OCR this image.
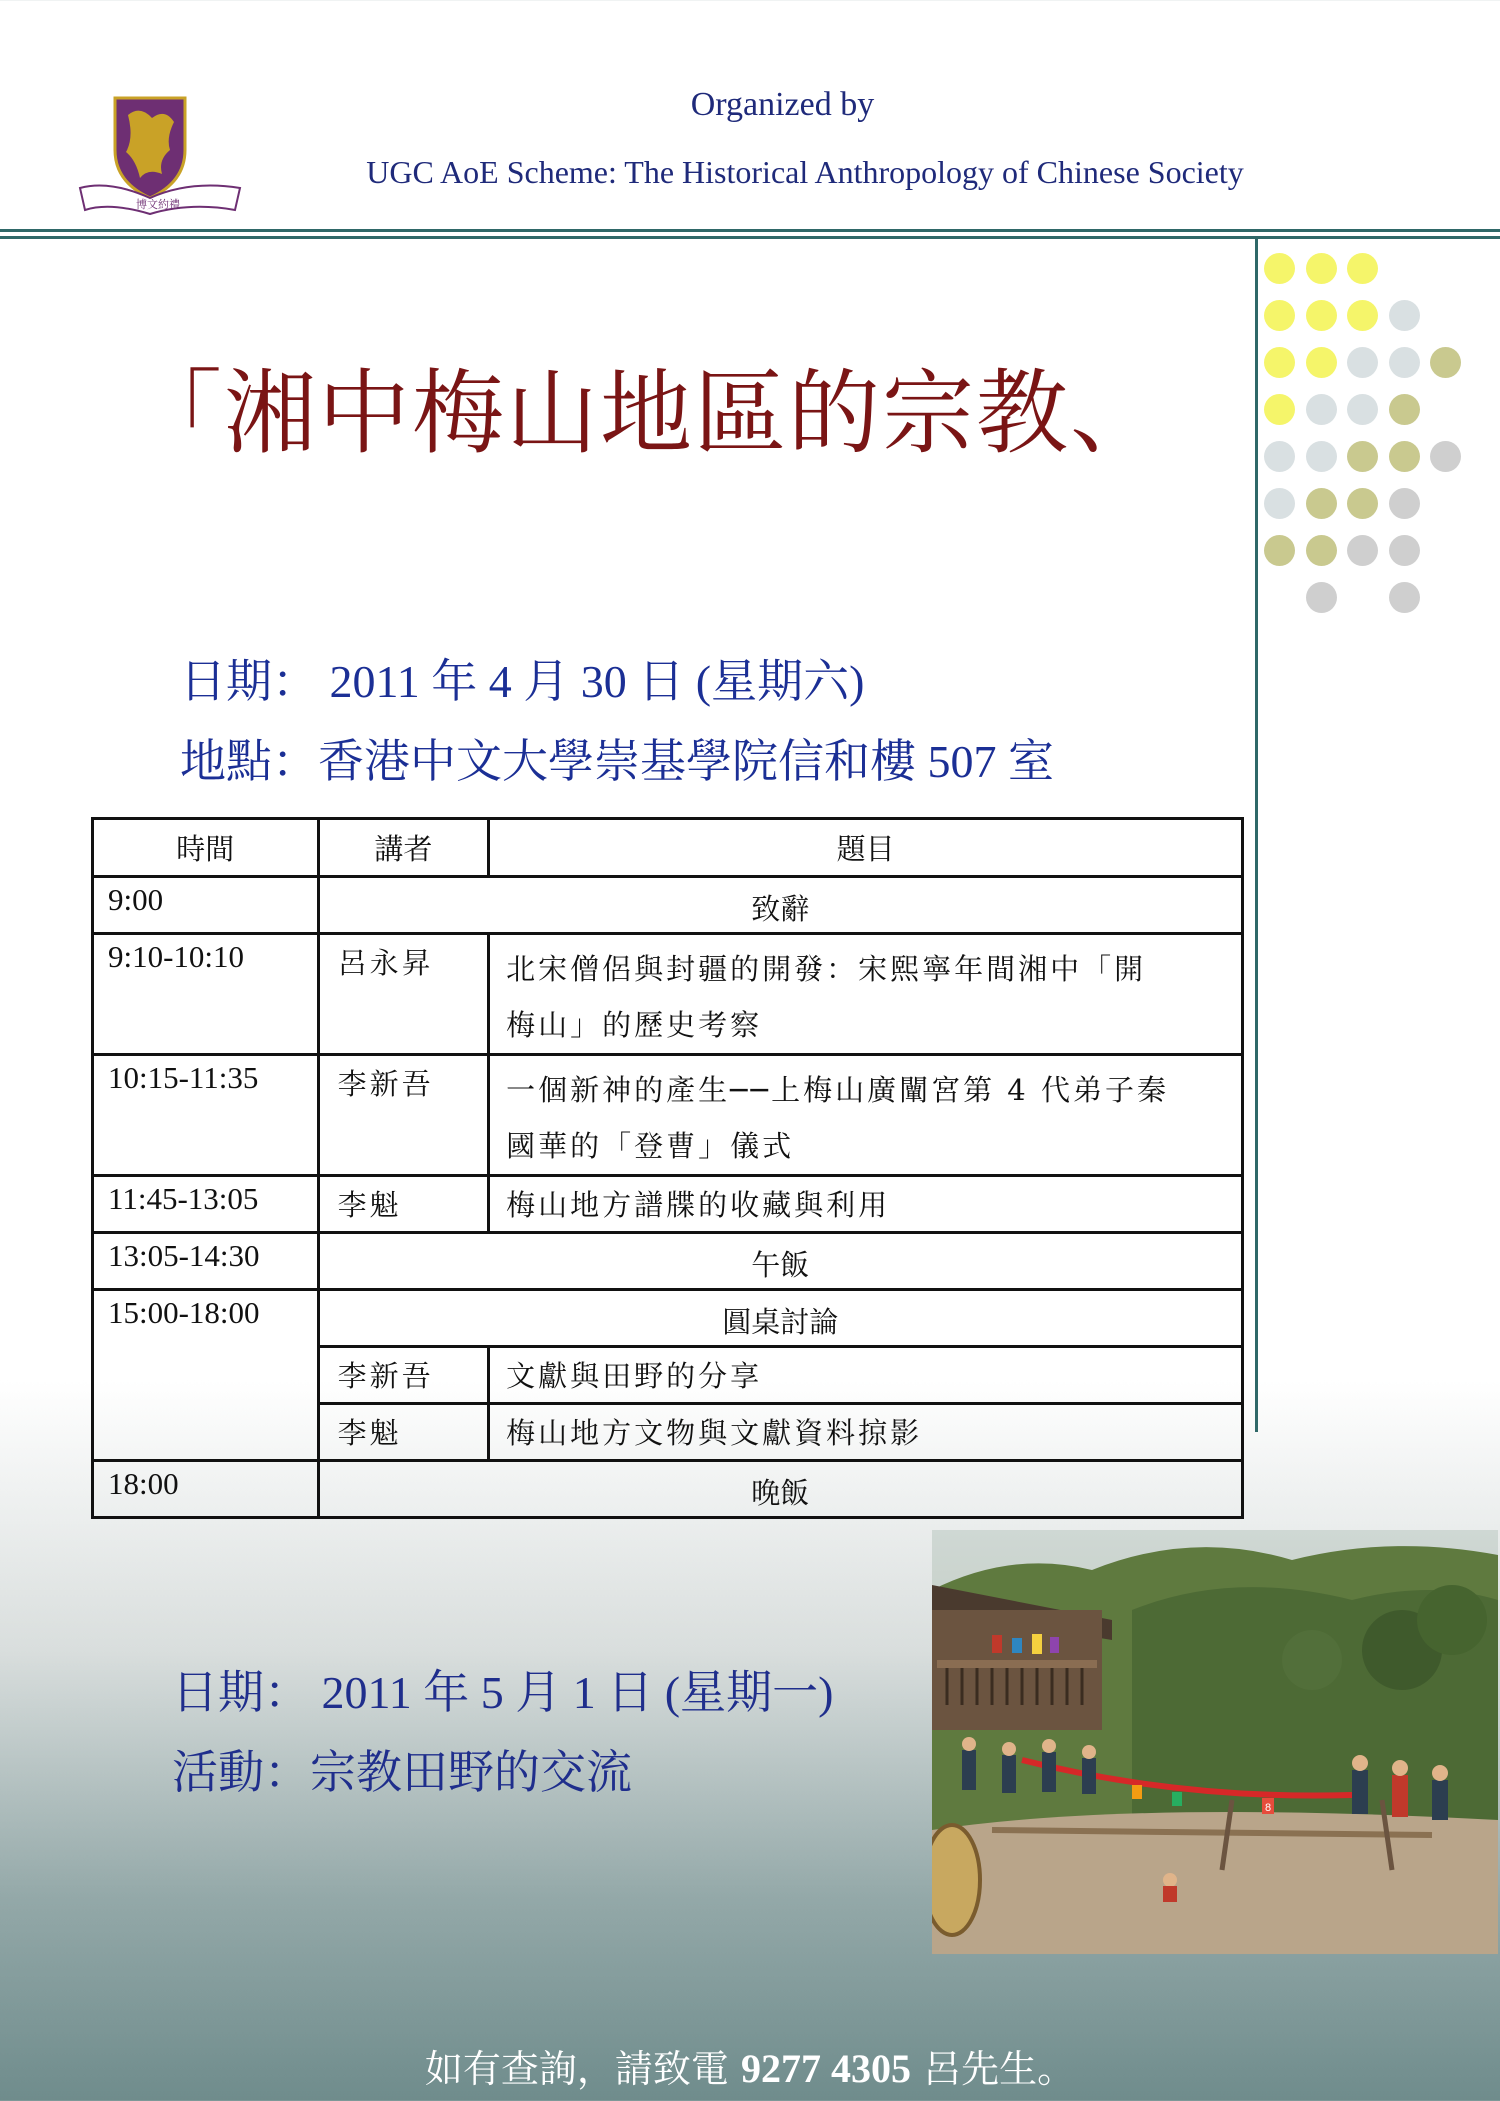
博文約禮
Organized by
UGC AoE Scheme: The Historical Anthropology of Chinese Society
「湘中梅山地區的宗教、
日期： 2011 年 4 月 30 日 (星期六)
地點：香港中文大學崇基學院信和樓 507 室
時間	講者	題目
9:00	致辭	
9:10-10:10	呂永昇	北宋僧侶與封疆的開發：宋熙寧年間湘中「開
梅山」的歷史考察

10:15-11:35	李新吾	一個新神的產生──上梅山廣闡宮第 4 代弟子秦
國華的「登曹」儀式

11:45-13:05	李魁	梅山地方譜牒的收藏與利用

13:05-14:30	午飯	
15:00-18:00	圓桌討論	
	李新吾	文獻與田野的分享
	李魁	梅山地方文物與文獻資料掠影
18:00	晚飯	
日期： 2011 年 5 月 1 日 (星期一)
活動：宗教田野的交流
8
如有查詢，請致電 9277 4305 呂先生。
